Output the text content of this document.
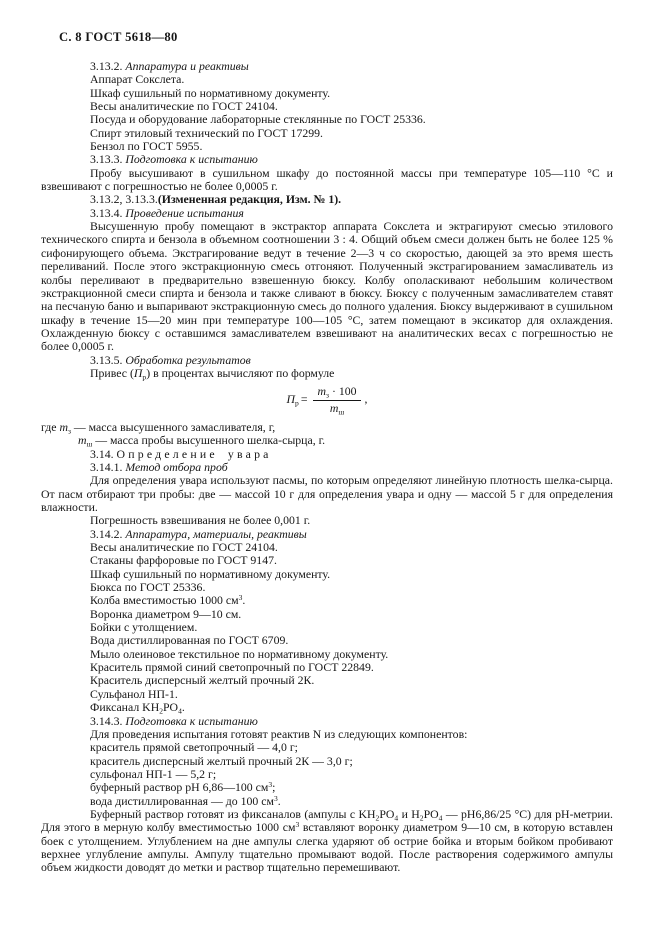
С. 8 ГОСТ 5618—80
3.13.2. Аппаратура и реактивы
Аппарат Сокслета.
Шкаф сушильный по нормативному документу.
Весы аналитические по ГОСТ 24104.
Посуда и оборудование лабораторные стеклянные по ГОСТ 25336.
Спирт этиловый технический по ГОСТ 17299.
Бензол по ГОСТ 5955.
3.13.3. Подготовка к испытанию
Пробу высушивают в сушильном шкафу до постоянной массы при температуре 105—110 °С и взвешивают с погрешностью не более 0,0005 г.
3.13.2, 3.13.3.(Измененная редакция, Изм. № 1).
3.13.4. Проведение испытания
Высушенную пробу помещают в экстрактор аппарата Сокслета и эктрагируют смесью этилового технического спирта и бензола в объемном соотношении 3 : 4. Общий объем смеси должен быть не более 125 % сифонирующего объема. Экстрагирование ведут в течение 2—3 ч со скоростью, дающей за это время шесть переливаний. После этого экстракционную смесь отгоняют. Полученный экстрагированием замасливатель из колбы переливают в предварительно взвешенную бюксу. Колбу ополаскивают небольшим количеством экстракционной смеси спирта и бензола и также сливают в бюксу. Бюксу с полученным замасливателем ставят на песчаную баню и выпаривают экстракционную смесь до полного удаления. Бюксу выдерживают в сушильном шкафу в течение 15—20 мин при температуре 100—105 °С, затем помещают в эксикатор для охлаждения. Охлажденную бюксу с оставшимся замасливателем взвешивают на аналитических весах с погрешностью не более 0,0005 г.
3.13.5. Обработка результатов
Привес $(П_р)$ в процентах вычисляют по формуле
$П_р = \frac{m_з \cdot 100}{m_ш}$ ,
где $m_з$ — масса высушенного замасливателя, г,
$m_ш$ — масса пробы высушенного шелка-сырца, г.
3.14. Определение увара
3.14.1. Метод отбора проб
Для определения увара используют пасмы, по которым определяют линейную плотность шелка-сырца. От пасм отбирают три пробы: две — массой 10 г для определения увара и одну — массой 5 г для определения влажности.
Погрешность взвешивания не более 0,001 г.
3.14.2. Аппаратура, материалы, реактивы
Весы аналитические по ГОСТ 24104.
Стаканы фарфоровые по ГОСТ 9147.
Шкаф сушильный по нормативному документу.
Бюкса по ГОСТ 25336.
Колба вместимостью 1000 $см^3$.
Воронка диаметром 9—10 см.
Бойки с утолщением.
Вода дистиллированная по ГОСТ 6709.
Мыло олеиновое текстильное по нормативному документу.
Краситель прямой синий светопрочный по ГОСТ 22849.
Краситель дисперсный желтый прочный 2К.
Сульфанол НП-1.
Фиксанал $KH_2PO_4$.
3.14.3. Подготовка к испытанию
Для проведения испытания готовят реактив N из следующих компонентов:
краситель прямой светопрочный — 4,0 г;
краситель дисперсный желтый прочный 2К — 3,0 г;
сульфонал НП-1 — 5,2 г;
буферный раствор pH 6,86—100 $см^3$;
вода дистиллированная — до 100 $см^3$.
Буферный раствор готовят из фиксаналов (ампулы с $KH_2PO_4$ и $H_2PO_4$ — pH6,86/25 °С) для pH-метрии. Для этого в мерную колбу вместимостью 1000 $см^3$ вставляют воронку диаметром 9—10 см, в которую вставлен боек с утолщением. Углублением на дне ампулы слегка ударяют об острие бойка и вторым бойком пробивают верхнее углубление ампулы. Ампулу тщательно промывают водой. После растворения содержимого ампулы объем жидкости доводят до метки и раствор тщательно перемешивают.
